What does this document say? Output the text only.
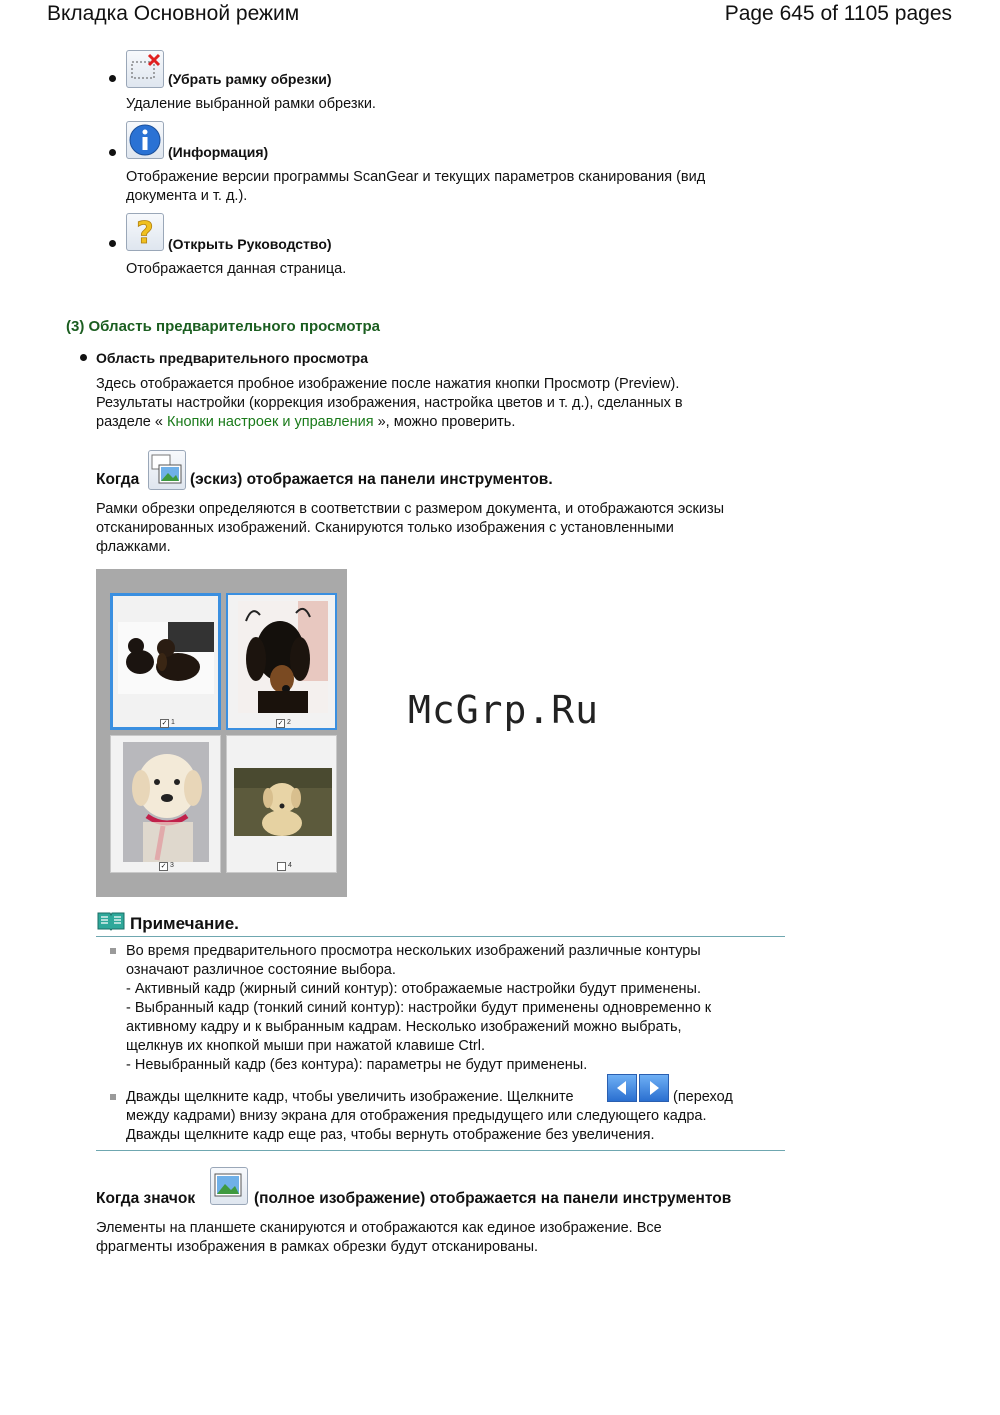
Вкладка Основной режим	Page 645 of 1105 pages
(Убрать рамку обрезки)
Удаление выбранной рамки обрезки.
(Информация)
Отображение версии программы ScanGear и текущих параметров сканирования (вид
документа и т. д.).
? (Открыть Руководство)
Отображается данная страница.
(3) Область предварительного просмотра
Область предварительного просмотра
Здесь отображается пробное изображение после нажатия кнопки Просмотр (Preview).
Результаты настройки (коррекция изображения, настройка цветов и т. д.), сделанных в
разделе « Кнопки настроек и управления », можно проверить.
Когда	(эскиз) отображается на панели инструментов.
Рамки обрезки определяются в соответствии с размером документа, и отображаются эскизы
отсканированных изображений. Сканируются только изображения с установленными
флажками.
✓ 1	✓ 2
✓ 3	4
McGrp.Ru
Примечание.
Во время предварительного просмотра нескольких изображений различные контуры
означают различное состояние выбора.
- Активный кадр (жирный синий контур): отображаемые настройки будут применены.
- Выбранный кадр (тонкий синий контур): настройки будут применены одновременно к
активному кадру и к выбранным кадрам. Несколько изображений можно выбрать,
щелкнув их кнопкой мыши при нажатой клавише Ctrl.
- Невыбранный кадр (без контура): параметры не будут применены.
Дважды щелкните кадр, чтобы увеличить изображение. Щелкните	(переход
между кадрами) внизу экрана для отображения предыдущего или следующего кадра.
Дважды щелкните кадр еще раз, чтобы вернуть отображение без увеличения.
Когда значок	(полное изображение) отображается на панели инструментов
Элементы на планшете сканируются и отображаются как единое изображение. Все
фрагменты изображения в рамках обрезки будут отсканированы.
